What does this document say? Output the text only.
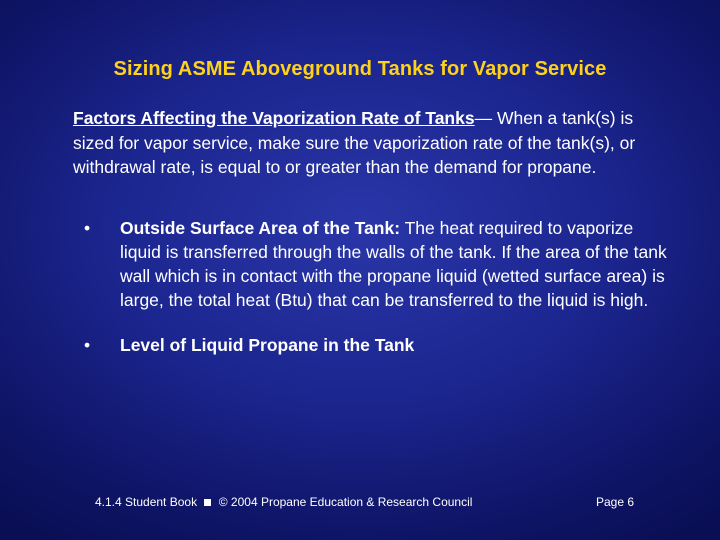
Sizing ASME Aboveground Tanks for Vapor Service
Factors Affecting the Vaporization Rate of Tanks— When a tank(s) is sized for vapor service, make sure the vaporization rate of the tank(s), or withdrawal rate, is equal to or greater than the demand for propane.
•	Outside Surface Area of the Tank: The heat required to vaporize liquid is transferred through the walls of the tank. If the area of the tank wall which is in contact with the propane liquid (wetted surface area) is large, the total heat (Btu) that can be transferred to the liquid is high.
•	Level of Liquid Propane in the Tank
4.1.4 Student Book  © 2004 Propane Education & Research Council	Page 6
